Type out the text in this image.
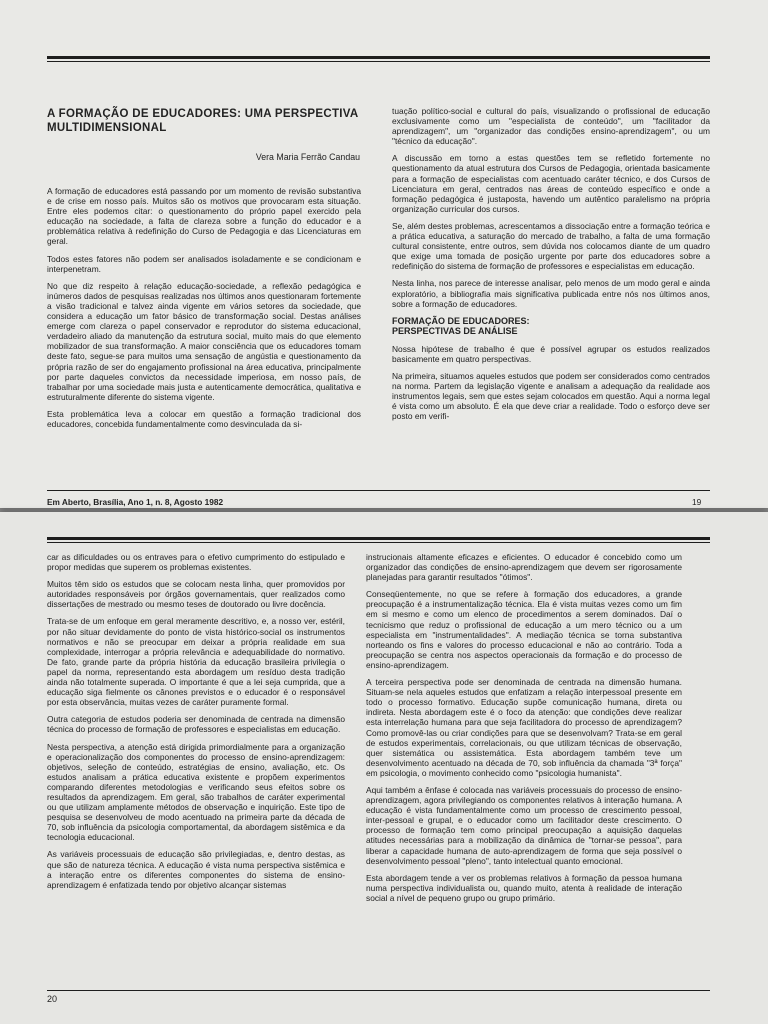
A FORMAÇÃO DE EDUCADORES: UMA PERSPECTIVA MULTIDIMENSIONAL
Vera Maria Ferrão Candau

A formação de educadores está passando por um momento de revisão substantiva e de crise em nosso país. Muitos são os motivos que provocaram esta situação. Entre eles podemos citar: o questionamento do próprio papel exercido pela educação na sociedade, a falta de clareza sobre a função do educador e a problemática relativa à redefinição do Curso de Pedagogia e das Licenciaturas em geral.

Todos estes fatores não podem ser analisados isoladamente e se condicionam e interpenetram.

No que diz respeito à relação educação-sociedade, a reflexão pedagógica e inúmeros dados de pesquisas realizadas nos últimos anos questionaram fortemente a visão tradicional e talvez ainda vigente em vários setores da sociedade, que considera a educação um fator básico de transformação social. Destas análises emerge com clareza o papel conservador e reprodutor do sistema educacional, verdadeiro aliado da manutenção da estrutura social, muito mais do que elemento mobilizador de sua transformação. A maior consciência que os educadores tomam deste fato, segue-se para muitos uma sensação de angústia e questionamento da própria razão de ser do engajamento profissional na área educativa, principalmente por parte daqueles convictos da necessidade imperiosa, em nosso país, de trabalhar por uma sociedade mais justa e autenticamente democrática, qualitativa e estruturalmente diferente do sistema vigente.

Esta problemática leva a colocar em questão a formação tradicional dos educadores, concebida fundamentalmente como desvinculada da si-

tuação político-social e cultural do país, visualizando o profissional de educação exclusivamente como um "especialista de conteúdo", um "facilitador da aprendizagem", um "organizador das condições ensino-aprendizagem", ou um "técnico da educação".

A discussão em torno a estas questões tem se refletido fortemente no questionamento da atual estrutura dos Cursos de Pedagogia, orientada basicamente para a formação de especialistas com acentuado caráter técnico, e dos Cursos de Licenciatura em geral, centrados nas áreas de conteúdo específico e onde a formação pedagógica é justaposta, havendo um autêntico paralelismo na própria organização curricular dos cursos.

Se, além destes problemas, acrescentamos a dissociação entre a formação teórica e a prática educativa, a saturação do mercado de trabalho, a falta de uma formação cultural consistente, entre outros, sem dúvida nos colocamos diante de um quadro que exige uma tomada de posição urgente por parte dos educadores sobre a redefinição do sistema de formação de professores e especialistas em educação.

Nesta linha, nos parece de interesse analisar, pelo menos de um modo geral e ainda exploratório, a bibliografia mais significativa publicada entre nós nos últimos anos, sobre a formação de educadores.

FORMAÇÃO DE EDUCADORES:
PERSPECTIVAS DE ANÁLISE

Nossa hipótese de trabalho é que é possível agrupar os estudos realizados basicamente em quatro perspectivas.

Na primeira, situamos aqueles estudos que podem ser considerados como centrados na norma. Partem da legislação vigente e analisam a adequação da realidade aos instrumentos legais, sem que estes sejam colocados em questão. Aqui a norma legal é vista como um absoluto. É ela que deve criar a realidade. Todo o esforço deve ser posto em verifi-

Em Aberto, Brasília, Ano 1, n. 8, Agosto 1982	19

car as dificuldades ou os entraves para o efetivo cumprimento do estipulado e propor medidas que superem os problemas existentes.

Muitos têm sido os estudos que se colocam nesta linha, quer promovidos por autoridades responsáveis por órgãos governamentais, quer realizados como dissertações de mestrado ou mesmo teses de doutorado ou livre docência.

Trata-se de um enfoque em geral meramente descritivo, e, a nosso ver, estéril, por não situar devidamente do ponto de vista histórico-social os instrumentos normativos e não se preocupar em deixar a própria realidade em sua complexidade, interrogar a própria relevância e adequabilidade do normativo. De fato, grande parte da própria história da educação brasileira privilegia o papel da norma, representando esta abordagem um resíduo desta tradição ainda não totalmente superada. O importante é que a lei seja cumprida, que a educação siga fielmente os cânones previstos e o educador é o responsável por esta observância, muitas vezes de caráter puramente formal.

Outra categoria de estudos poderia ser denominada de centrada na dimensão técnica do processo de formação de professores e especialistas em educação.

Nesta perspectiva, a atenção está dirigida primordialmente para a organização e operacionalização dos componentes do processo de ensino-aprendizagem: objetivos, seleção de conteúdo, estratégias de ensino, avaliação, etc. Os estudos analisam a prática educativa existente e propõem experimentos comparando diferentes metodologias e verificando seus efeitos sobre os resultados da aprendizagem. Em geral, são trabalhos de caráter experimental ou que utilizam amplamente métodos de observação e inquirição. Este tipo de pesquisa se desenvolveu de modo acentuado na primeira parte da década de 70, sob influência da psicologia comportamental, da abordagem sistêmica e da tecnologia educacional.

As variáveis processuais de educação são privilegiadas, e, dentro destas, as que são de natureza técnica. A educação é vista numa perspectiva sistêmica e a interação entre os diferentes componentes do sistema de ensino-aprendizagem é enfatizada tendo por objetivo alcançar sistemas

instrucionais altamente eficazes e eficientes. O educador é concebido como um organizador das condições de ensino-aprendizagem que devem ser rigorosamente planejadas para garantir resultados "ótimos".

Conseqüentemente, no que se refere à formação dos educadores, a grande preocupação é a instrumentalização técnica. Ela é vista muitas vezes como um fim em si mesmo e como um elenco de procedimentos a serem dominados. Daí o tecnicismo que reduz o profissional de educação a um mero técnico ou a um especialista em "instrumentalidades". A mediação técnica se torna substantiva norteando os fins e valores do processo educacional e não ao contrário. Toda a preocupação se centra nos aspectos operacionais da formação e do processo de ensino-aprendizagem.

A terceira perspectiva pode ser denominada de centrada na dimensão humana. Situam-se nela aqueles estudos que enfatizam a relação interpessoal presente em todo o processo formativo. Educação supõe comunicação humana, direta ou indireta. Nesta abordagem este é o foco da atenção: que condições deve realizar esta interrelação humana para que seja facilitadora do processo de aprendizagem? Como promovê-las ou criar condições para que se desenvolvam? Trata-se em geral de estudos experimentais, correlacionais, ou que utilizam técnicas de observação, quer sistemática ou assistemática. Esta abordagem também teve um desenvolvimento acentuado na década de 70, sob influência da chamada "3ª força" em psicologia, o movimento conhecido como "psicologia humanista".

Aqui também a ênfase é colocada nas variáveis processuais do processo de ensino-aprendizagem, agora privilegiando os componentes relativos à interação humana. A educação é vista fundamentalmente como um processo de crescimento pessoal, inter-pessoal e grupal, e o educador como um facilitador deste crescimento. O processo de formação tem como principal preocupação a aquisição daquelas atitudes necessárias para a mobilização da dinâmica de "tornar-se pessoa", para liberar a capacidade humana de auto-aprendizagem de forma que seja possível o desenvolvimento pessoal "pleno", tanto intelectual quanto emocional.

Esta abordagem tende a ver os problemas relativos à formação da pessoa humana numa perspectiva individualista ou, quando muito, atenta à realidade de interação social a nível de pequeno grupo ou grupo primário.

20
